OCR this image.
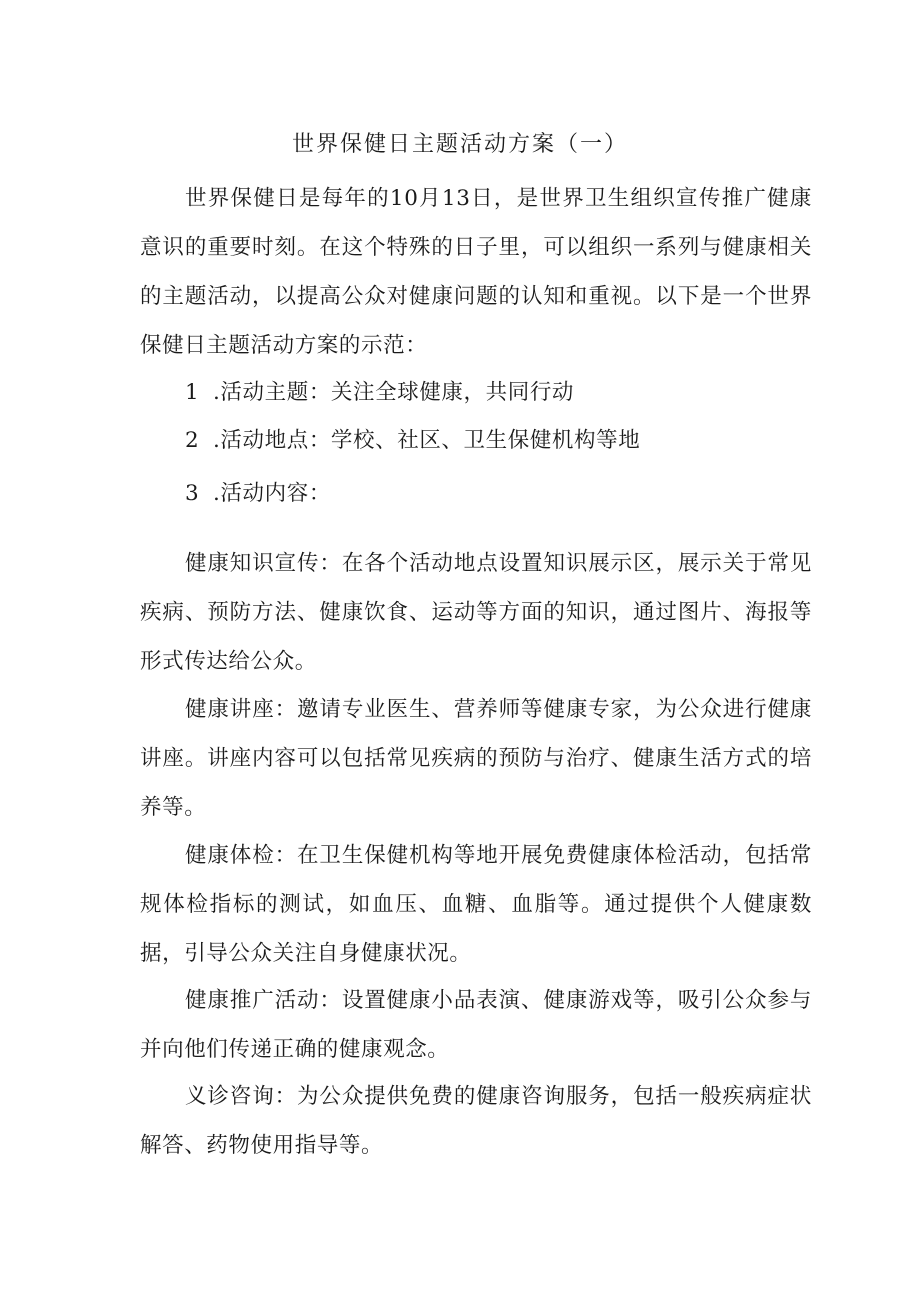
世界保健日主题活动方案（一）
世界保健日是每年的10月13日，是世界卫生组织宣传推广健康意识的重要时刻。在这个特殊的日子里，可以组织一系列与健康相关的主题活动，以提高公众对健康问题的认知和重视。以下是一个世界保健日主题活动方案的示范：
1 .活动主题：关注全球健康，共同行动
2 .活动地点：学校、社区、卫生保健机构等地
3 .活动内容：
健康知识宣传：在各个活动地点设置知识展示区，展示关于常见疾病、预防方法、健康饮食、运动等方面的知识，通过图片、海报等形式传达给公众。
健康讲座：邀请专业医生、营养师等健康专家，为公众进行健康讲座。讲座内容可以包括常见疾病的预防与治疗、健康生活方式的培养等。
健康体检：在卫生保健机构等地开展免费健康体检活动，包括常规体检指标的测试，如血压、血糖、血脂等。通过提供个人健康数据，引导公众关注自身健康状况。
健康推广活动：设置健康小品表演、健康游戏等，吸引公众参与并向他们传递正确的健康观念。
义诊咨询：为公众提供免费的健康咨询服务，包括一般疾病症状解答、药物使用指导等。
